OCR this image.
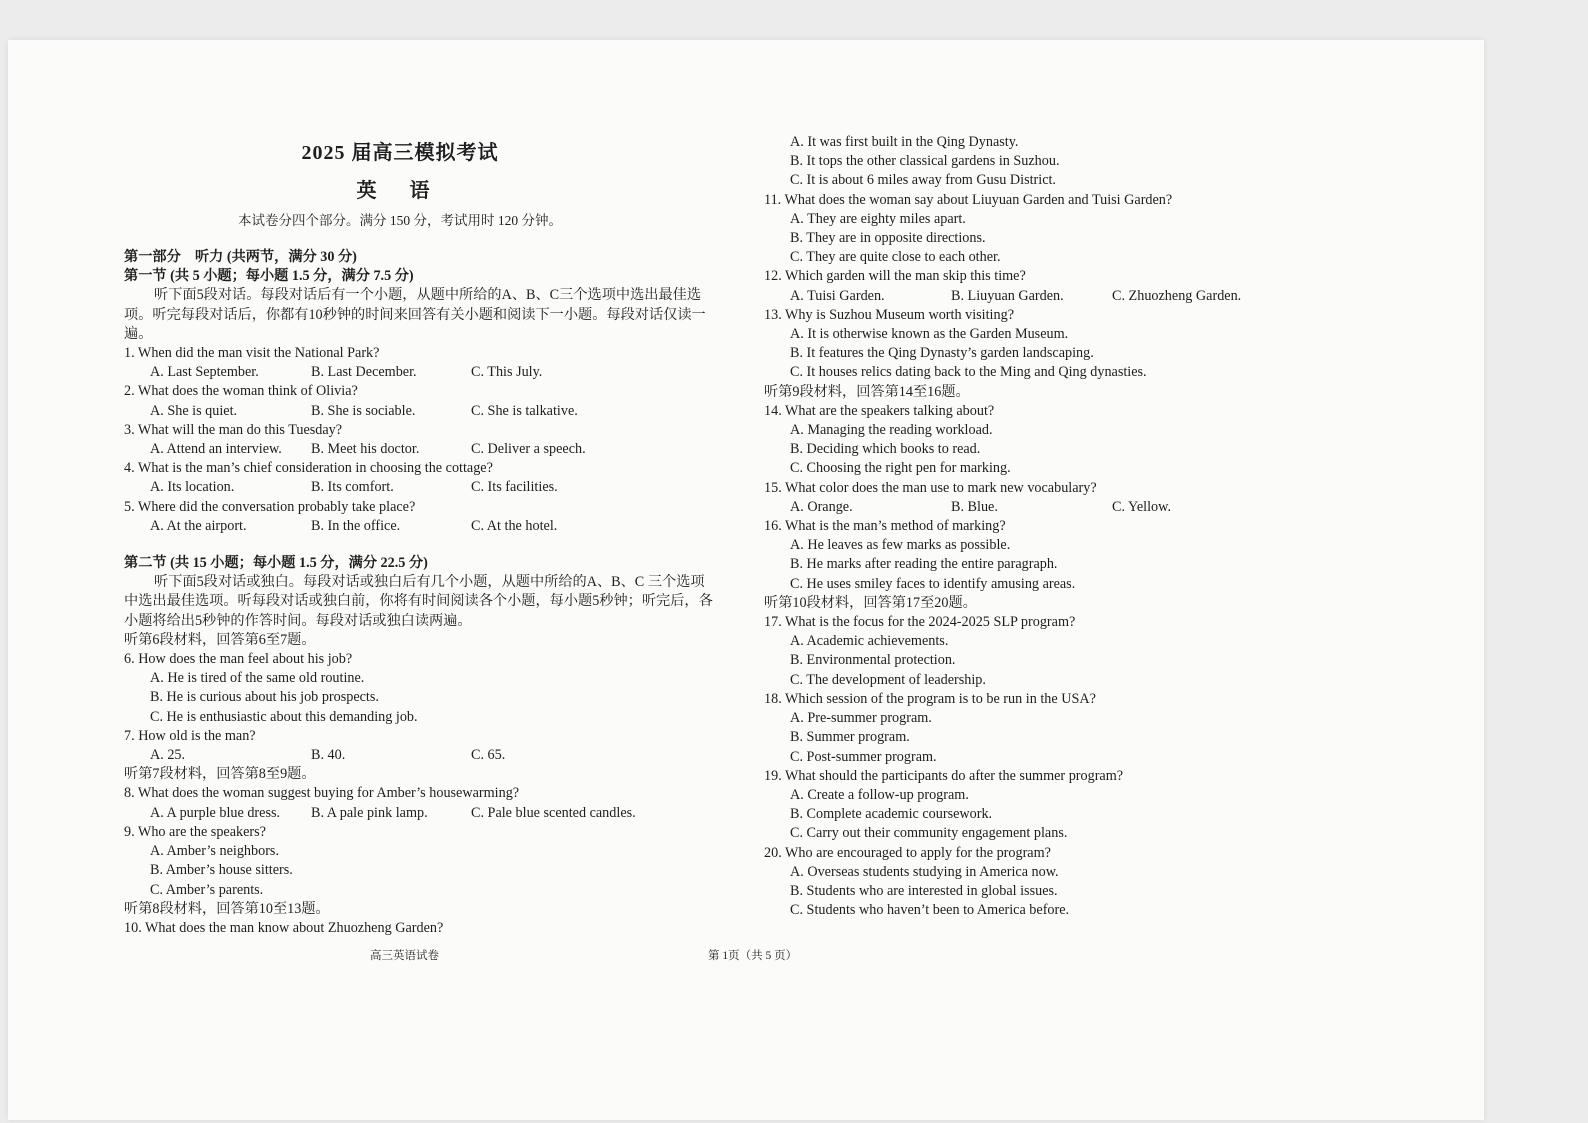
2025 届高三模拟考试
英 语
本试卷分四个部分。满分 150 分，考试用时 120 分钟。
第一部分　听力 (共两节，满分 30 分)
第一节 (共 5 小题；每小题 1.5 分，满分 7.5 分)
听下面5段对话。每段对话后有一个小题，从题中所给的A、B、C三个选项中选出最佳选项。听完每段对话后，你都有10秒钟的时间来回答有关小题和阅读下一小题。每段对话仅读一遍。
1. When did the man visit the National Park?
A. Last September.	B. Last December.	C. This July.
2. What does the woman think of Olivia?
A. She is quiet.	B. She is sociable.	C. She is talkative.
3. What will the man do this Tuesday?
A. Attend an interview.	B. Meet his doctor.	C. Deliver a speech.
4. What is the man’s chief consideration in choosing the cottage?
A. Its location.	B. Its comfort.	C. Its facilities.
5. Where did the conversation probably take place?
A. At the airport.	B. In the office.	C. At the hotel.
第二节 (共 15 小题；每小题 1.5 分，满分 22.5 分)
听下面5段对话或独白。每段对话或独白后有几个小题，从题中所给的A、B、C 三个选项中选出最佳选项。听每段对话或独白前，你将有时间阅读各个小题，每小题5秒钟；听完后，各小题将给出5秒钟的作答时间。每段对话或独白读两遍。
听第6段材料，回答第6至7题。
6. How does the man feel about his job?
A. He is tired of the same old routine.
B. He is curious about his job prospects.
C. He is enthusiastic about this demanding job.
7. How old is the man?
A. 25.	B. 40.	C. 65.
听第7段材料，回答第8至9题。
8. What does the woman suggest buying for Amber’s housewarming?
A. A purple blue dress.	B. A pale pink lamp.	C. Pale blue scented candles.
9. Who are the speakers?
A. Amber’s neighbors.
B. Amber’s house sitters.
C. Amber’s parents.
听第8段材料，回答第10至13题。
10. What does the man know about Zhuozheng Garden?
A. It was first built in the Qing Dynasty.
B. It tops the other classical gardens in Suzhou.
C. It is about 6 miles away from Gusu District.
11. What does the woman say about Liuyuan Garden and Tuisi Garden?
A. They are eighty miles apart.
B. They are in opposite directions.
C. They are quite close to each other.
12. Which garden will the man skip this time?
A. Tuisi Garden.	B. Liuyuan Garden.	C. Zhuozheng Garden.
13. Why is Suzhou Museum worth visiting?
A. It is otherwise known as the Garden Museum.
B. It features the Qing Dynasty’s garden landscaping.
C. It houses relics dating back to the Ming and Qing dynasties.
听第9段材料，回答第14至16题。
14. What are the speakers talking about?
A. Managing the reading workload.
B. Deciding which books to read.
C. Choosing the right pen for marking.
15. What color does the man use to mark new vocabulary?
A. Orange.	B. Blue.	C. Yellow.
16. What is the man’s method of marking?
A. He leaves as few marks as possible.
B. He marks after reading the entire paragraph.
C. He uses smiley faces to identify amusing areas.
听第10段材料，回答第17至20题。
17. What is the focus for the 2024-2025 SLP program?
A. Academic achievements.
B. Environmental protection.
C. The development of leadership.
18. Which session of the program is to be run in the USA?
A. Pre-summer program.
B. Summer program.
C. Post-summer program.
19. What should the participants do after the summer program?
A. Create a follow-up program.
B. Complete academic coursework.
C. Carry out their community engagement plans.
20. Who are encouraged to apply for the program?
A. Overseas students studying in America now.
B. Students who are interested in global issues.
C. Students who haven’t been to America before.
高三英语试卷	第 1页（共 5 页）
